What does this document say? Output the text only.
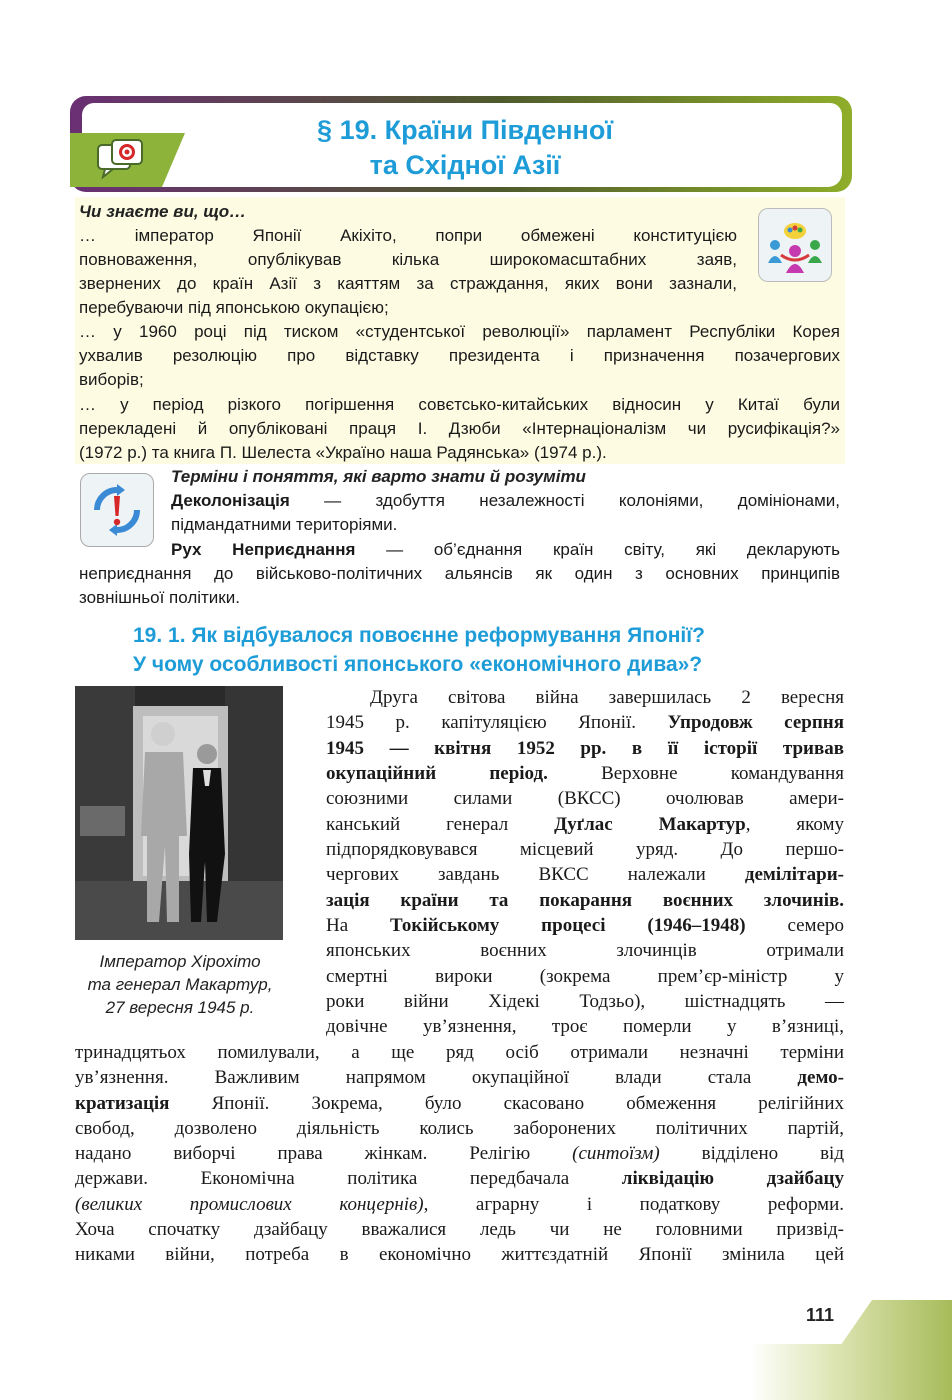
§ 19. Країни Південної
та Східної Азії
Чи знаєте ви, що…
… імператор Японії Акіхіто, попри обмежені конституцією
повноваження, опублікував кілька широкомасштабних заяв,
звернених до країн Азії з каяттям за страждання, яких вони зазнали,
перебуваючи під японською окупацією;
… у 1960 році під тиском «студентської революції» парламент Республіки Корея
ухвалив резолюцію про відставку президента і призначення позачергових
виборів;
… у період різкого погіршення совєтсько-китайських відносин у Китаї були
перекладені й опубліковані праця І. Дзюби «Інтернаціоналізм чи русифікація?»
(1972 р.) та книга П. Шелеста «Україно наша Радянська» (1974 р.).
Терміни і поняття, які варто знати й розуміти
Деколонізація — здобуття незалежності колоніями, домініонами,
підмандатними територіями.
Рух Неприєднання — об’єднання країн світу, які декларують
неприєднання до військово-політичних альянсів як один з основних принципів
зовнішньої політики.
19. 1. Як відбувалося повоєнне реформування Японії?
У чому особливості японського «економічного дива»?
Імператор Хірохіто
та генерал Макартур,
27 вересня 1945 р.
Друга світова війна завершилась 2 вересня
1945 р. капітуляцією Японії. Упродовж серпня
1945 — квітня 1952 рр. в її історії тривав
окупаційний період. Верховне командування
союзними силами (ВКСС) очолював амери-
канський генерал Дуґлас Макартур, якому
підпорядковувався місцевий уряд. До першо-
чергових завдань ВКСС належали демілітари-
зація країни та покарання воєнних злочинів.
На Токійському процесі (1946–1948) семеро
японських воєнних злочинців отримали
смертні вироки (зокрема прем’єр-міністр у
роки війни Хідекі Тодзьо), шістнадцять —
довічне ув’язнення, троє померли у в’язниці,
тринадцятьох помилували, а ще ряд осіб отримали незначні терміни
ув’язнення. Важливим напрямом окупаційної влади стала демо-
кратизація Японії. Зокрема, було скасовано обмеження релігійних
свобод, дозволено діяльність колись заборонених політичних партій,
надано виборчі права жінкам. Релігію (синтоїзм) відділено від
держави. Економічна політика передбачала ліквідацію дзайбацу
(великих промислових концернів), аграрну і податкову реформи.
Хоча спочатку дзайбацу вважалися ледь чи не головними призвід-
никами війни, потреба в економічно життєздатній Японії змінила цей
111
